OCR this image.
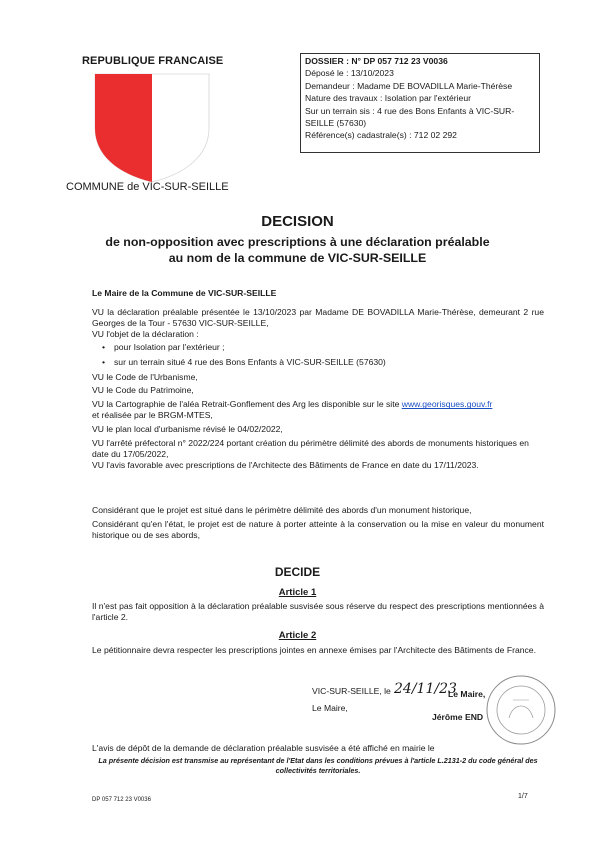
REPUBLIQUE FRANCAISE
COMMUNE de VIC-SUR-SEILLE
DOSSIER : N° DP 057 712 23 V0036
Déposé le : 13/10/2023
Demandeur : Madame DE BOVADILLA Marie-Thérèse
Nature des travaux : Isolation par l'extérieur
Sur un terrain sis : 4 rue des Bons Enfants à VIC-SUR-
SEILLE (57630)
Référence(s) cadastrale(s) : 712 02 292
DECISION
de non-opposition avec prescriptions à une déclaration préalable
au nom de la commune de VIC-SUR-SEILLE
Le Maire de la Commune de VIC-SUR-SEILLE

VU la déclaration préalable présentée le 13/10/2023 par Madame DE BOVADILLA Marie-Thérèse, demeurant 2 rue Georges de la Tour - 57630 VIC-SUR-SEILLE,

VU l'objet de la déclaration :

• pour Isolation par l'extérieur ;

• sur un terrain situé 4 rue des Bons Enfants à VIC-SUR-SEILLE (57630)

VU le Code de l'Urbanisme,

VU le Code du Patrimoine,

VU la Cartographie de l'aléa Retrait-Gonflement des Arg les disponible sur le site www.georisques.gouv.fr

et réalisée par le BRGM-MTES,

VU le plan local d'urbanisme révisé le 04/02/2022,

VU l'arrêté préfectoral n° 2022/224 portant création du périmètre délimité des abords de monuments historiques en date du 17/05/2022,

VU l'avis favorable avec prescriptions de l'Architecte des Bâtiments de France en date du 17/11/2023.

Considérant que le projet est situé dans le périmètre délimité des abords d'un monument historique,

Considérant qu'en l'état, le projet est de nature à porter atteinte à la conservation ou la mise en valeur du monument historique ou de ses abords,

DECIDE
Article 1
Il n'est pas fait opposition à la déclaration préalable susvisée sous réserve du respect des prescriptions mentionnées à l'article 2.
Article 2
Le pétitionnaire devra respecter les prescriptions jointes en annexe émises par l'Architecte des Bâtiments de France.
VIC-SUR-SEILLE, le 24/11/23
Le Maire,
Le Maire,
Jérôme END
L'avis de dépôt de la demande de déclaration préalable susvisée a été affiché en mairie le
La présente décision est transmise au représentant de l'Etat dans les conditions prévues à l'article L.2131-2 du code général des collectivités territoriales.
DP 057 712 23 V0036	1/7
